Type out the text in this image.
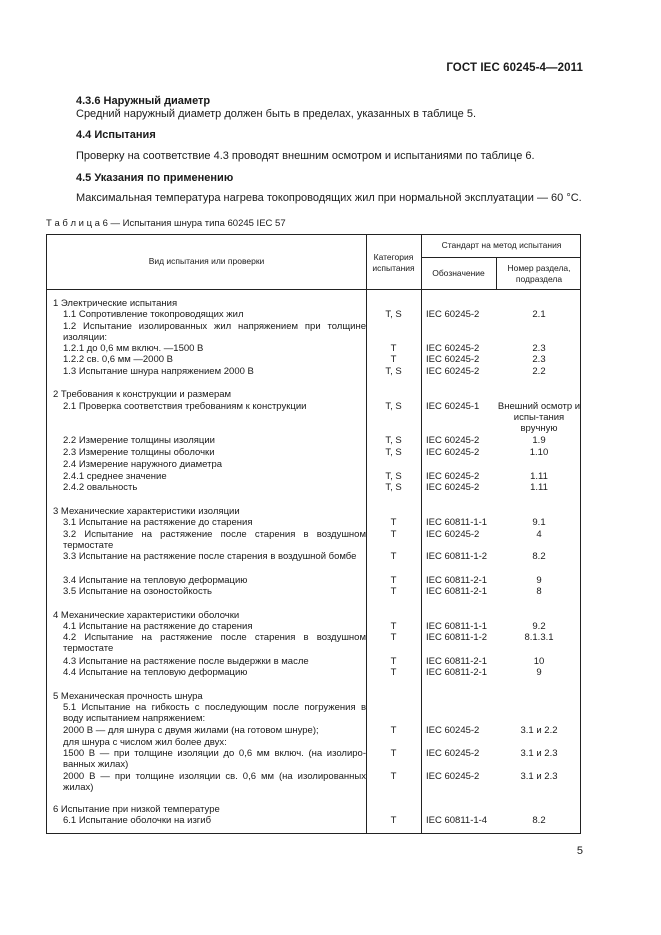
ГОСТ IEC 60245-4—2011
4.3.6 Наружный диаметр
Средний наружный диаметр должен быть в пределах, указанных в таблице 5.
4.4 Испытания
Проверку на соответствие 4.3 проводят внешним осмотром и испытаниями по таблице 6.
4.5 Указания по применению
Максимальная температура нагрева токопроводящих жил при нормальной эксплуатации — 60 °С.
Т а б л и ц а 6 — Испытания шнура типа 60245 IEC 57
Вид испытания или проверки	Категория
испытания
Стандарт на метод испытания
Обозначение	Номер раздела,
подраздела
1 Электрические испытания
1.1 Сопротивление токопроводящих жил	T, S	IEC 60245-2	2.1
1.2 Испытание изолированных жил напряжением при толщине изоляции:
1.2.1 до 0,6 мм включ. —1500 В	T	IEC 60245-2	2.3
1.2.2 св. 0,6 мм —2000 В	T	IEC 60245-2	2.3
1.3 Испытание шнура напряжением 2000 В	T, S	IEC 60245-2	2.2
2 Требования к конструкции и размерам
2.1 Проверка соответствия требованиям к конструкции	T, S	IEC 60245-1	Внешний осмотр и испы-тания вручную
2.2 Измерение толщины изоляции	T, S	IEC 60245-2	1.9
2.3 Измерение толщины оболочки	T, S	IEC 60245-2	1.10
2.4 Измерение наружного диаметра
2.4.1 среднее значение	T, S	IEC 60245-2	1.11
2.4.2 овальность	T, S	IEC 60245-2	1.11
3 Механические характеристики изоляции
3.1 Испытание на растяжение до старения	T	IEC 60811-1-1	9.1
3.2 Испытание на растяжение после старения в воздушном термостате
T	IEC 60245-2	4
3.3 Испытание на растяжение после старения в воздушной бомбе	T	IEC 60811-1-2	8.2
3.4 Испытание на тепловую деформацию	T	IEC 60811-2-1	9
3.5 Испытание на озоностойкость	T	IEC 60811-2-1	8
4 Механические характеристики оболочки
4.1 Испытание на растяжение до старения	T	IEC 60811-1-1	9.2
4.2 Испытание на растяжение после старения в воздушном термостате
T	IEC 60811-1-2	8.1.3.1
4.3 Испытание на растяжение после выдержки в масле	T	IEC 60811-2-1	10
4.4 Испытание на тепловую деформацию	T	IEC 60811-2-1	9
5 Механическая прочность шнура
5.1 Испытание на гибкость с последующим после погружения в воду испытанием напряжением:
2000 В — для шнура с двумя жилами (на готовом шнуре);	T	IEC 60245-2	3.1 и 2.2
для шнура с числом жил более двух:
1500 В — при толщине изоляции до 0,6 мм включ. (на изолиро-ванных жилах)
T	IEC 60245-2	3.1 и 2.3
2000 В — при толщине изоляции св. 0,6 мм (на изолированных жилах)
T	IEC 60245-2	3.1 и 2.3
6 Испытание при низкой температуре
6.1 Испытание оболочки на изгиб	T	IEC 60811-1-4	8.2
5
